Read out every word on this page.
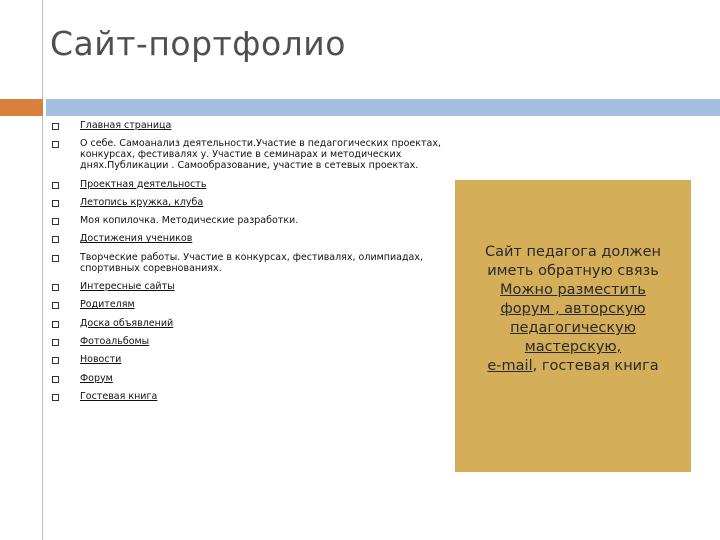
Сайт-портфолио
Главная страница
О себе. Самоанализ деятельности.Участие в педагогических проектах, конкурсах, фестивалях у. Участие в семинарах и методических днях.Публикации . Самообразование, участие в сетевых проектах.
Проектная деятельность
Летопись кружка, клуба
Моя копилочка. Методические разработки.
Достижения учеников
Творческие работы. Участие в конкурсах, фестивалях, олимпиадах, спортивных соревнованиях.
Интересные сайты
Родителям
Доска объявлений
Фотоальбомы
Новости
Форум
Гостевая книга
Сайт педагога должен
иметь обратную связь
Можно разместить
форум , авторскую
педагогическую
мастерскую,
e-mail, гостевая книга
